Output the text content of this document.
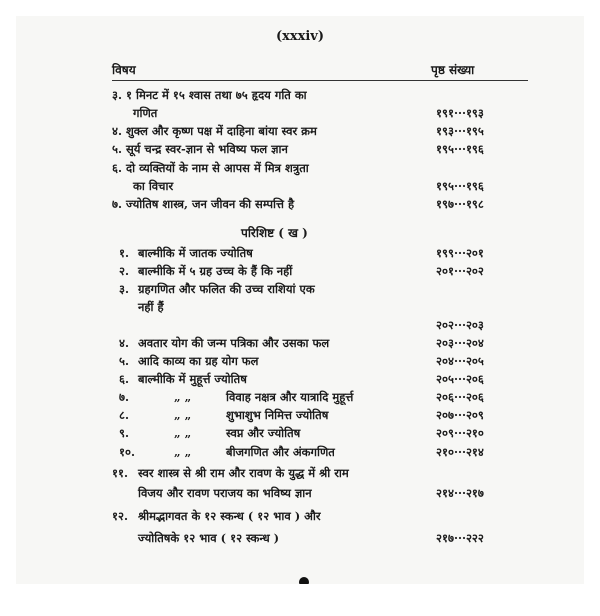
(xxxiv)
विषय	पृष्ठ संख्या
३. १ मिनट में १५ श्वास तथा ७५ हृदय गति का
गणित	१९१···१९३
४. शुक्ल और कृष्ण पक्ष में दाहिना बांया स्वर क्रम	१९३···१९५
५. सूर्य चन्द्र स्वर-ज्ञान से भविष्य फल ज्ञान	१९५···१९६
६. दो व्यक्तियों के नाम से आपस में मित्र शत्रुता
का विचार	१९५···१९६
७. ज्योतिष शास्त्र, जन जीवन की सम्पत्ति है	१९७···१९८
परिशिष्ट ( ख )
१. बाल्मीकि में जातक ज्योतिष	१९९···२०१
२. बाल्मीकि में ५ ग्रह उच्च के हैं कि नहीं	२०१···२०२
३. ग्रहगणित और फलित की उच्च राशियां एक
नहीं हैं
२०२···२०३
४. अवतार योग की जन्म पत्रिका और उसका फल	२०३···२०४
५. आदि काव्य का ग्रह योग फल	२०४···२०५
६. बाल्मीकि में मुहूर्त्त ज्योतिष	२०५···२०६
७.	„ „	विवाह नक्षत्र और यात्रादि मुहूर्त्त	२०६···२०६
८.	„ „	शुभाशुभ निमित्त ज्योतिष	२०७···२०९
९.	„ „	स्वप्न और ज्योतिष	२०९···२१०
१०.	„ „	बीजगणित और अंकगणित	२१०···२१४
११. स्वर शास्त्र से श्री राम और रावण के युद्ध में श्री राम
विजय और रावण पराजय का भविष्य ज्ञान	२१४···२१७
१२. श्रीमद्भागवत के १२ स्कन्ध ( १२ भाव ) और
ज्योतिषके १२ भाव ( १२ स्कन्ध )	२१७···२२२
